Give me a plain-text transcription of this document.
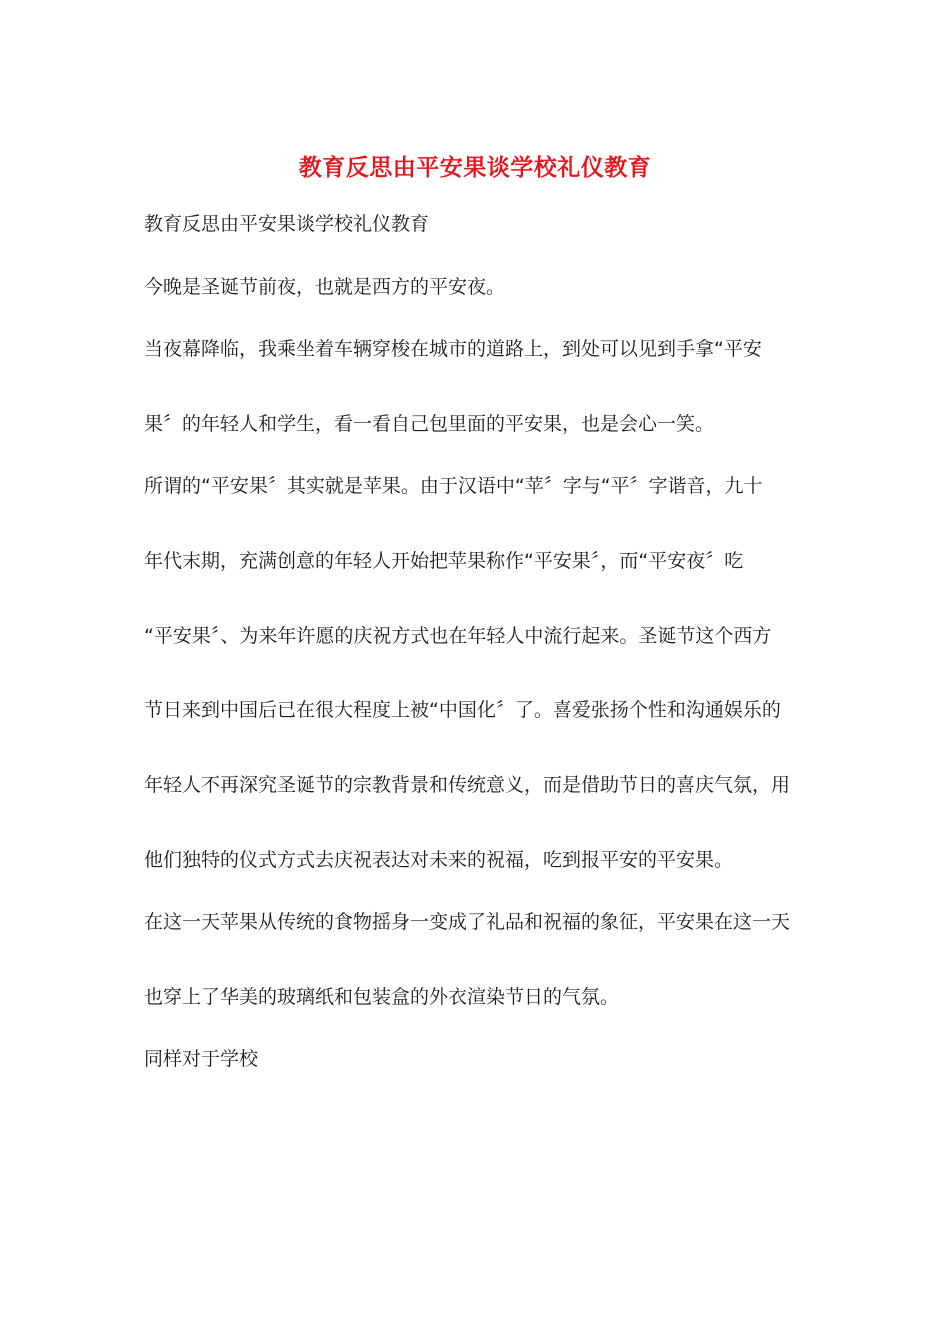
教育反思由平安果谈学校礼仪教育
教育反思由平安果谈学校礼仪教育
今晚是圣诞节前夜，也就是西方的平安夜。
当夜幕降临，我乘坐着车辆穿梭在城市的道路上，到处可以见到手拿“平安
果〞的年轻人和学生，看一看自己包里面的平安果，也是会心一笑。
所谓的“平安果〞其实就是苹果。由于汉语中“苹〞字与“平〞字谐音，九十
年代末期，充满创意的年轻人开始把苹果称作“平安果〞，而“平安夜〞吃
“平安果〞、为来年许愿的庆祝方式也在年轻人中流行起来。圣诞节这个西方
节日来到中国后已在很大程度上被“中国化〞了。喜爱张扬个性和沟通娱乐的
年轻人不再深究圣诞节的宗教背景和传统意义，而是借助节日的喜庆气氛，用
他们独特的仪式方式去庆祝表达对未来的祝福，吃到报平安的平安果。
在这一天苹果从传统的食物摇身一变成了礼品和祝福的象征，平安果在这一天
也穿上了华美的玻璃纸和包装盒的外衣渲染节日的气氛。
同样对于学校
